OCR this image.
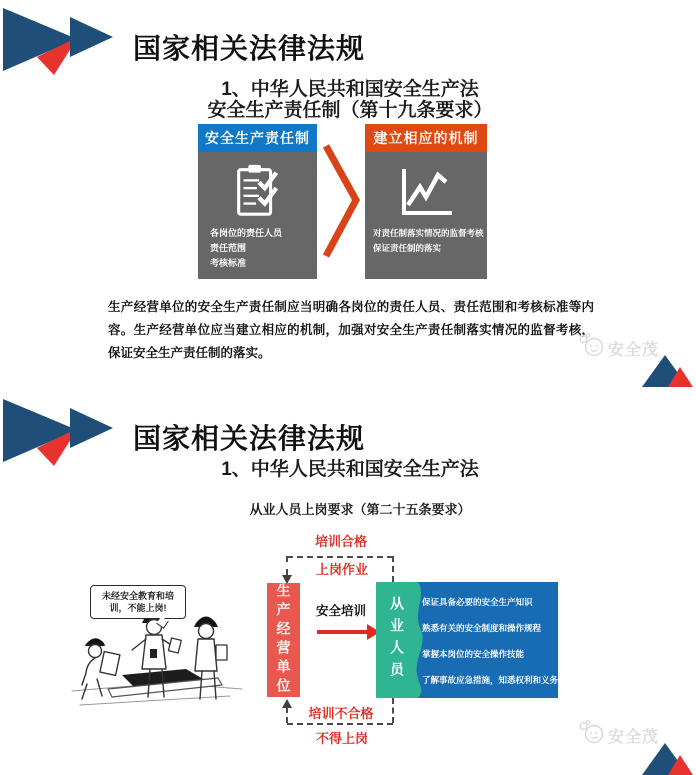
国家相关法律法规
1、中华人民共和国安全生产法
安全生产责任制（第十九条要求）
安全生产责任制
各岗位的责任人员
责任范围
考核标准
建立相应的机制
对责任制落实情况的监督考核
保证责任制的落实
生产经营单位的安全生产责任制应当明确各岗位的责任人员、责任范围和考核标准等内容。生产经营单位应当建立相应的机制，加强对安全生产责任制落实情况的监督考核，保证安全生产责任制的落实。	安全茂
国家相关法律法规
1、中华人民共和国安全生产法
从业人员上岗要求（第二十五条要求）
培训合格
上岗作业
未经安全教育和培训，不能上岗!	生产经营单位 安全培训 从业人员 保证具备必要的安全生产知识
熟悉有关的安全制度和操作规程
掌握本岗位的安全操作技能
了解事故应急措施，知悉权利和义务
培训不合格
不得上岗	安全茂
